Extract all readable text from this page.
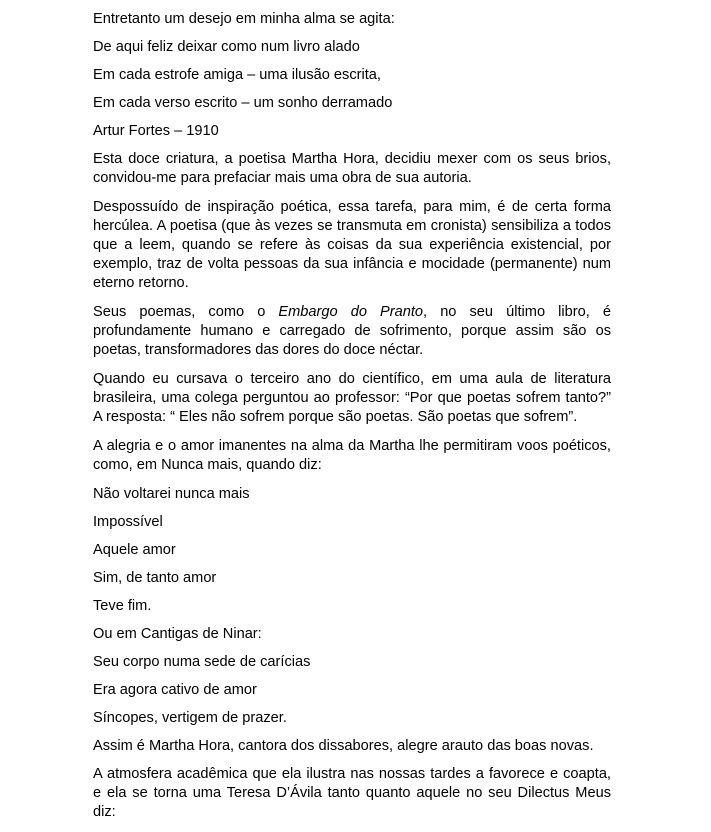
Entretanto um desejo em minha alma se agita:

De aqui feliz deixar como num livro alado

Em cada estrofe amiga – uma ilusão escrita,

Em cada verso escrito – um sonho derramado

Artur Fortes – 1910

Esta doce criatura, a poetisa Martha Hora, decidiu mexer com os seus brios, convidou-me para prefaciar mais uma obra de sua autoria.

Despossuído de inspiração poética, essa tarefa, para mim, é de certa forma hercúlea. A poetisa (que às vezes se transmuta em cronista) sensibiliza a todos que a leem, quando se refere às coisas da sua experiência existencial, por exemplo, traz de volta pessoas da sua infância e mocidade (permanente) num eterno retorno.

Seus poemas, como o Embargo do Pranto, no seu último libro, é profundamente humano e carregado de sofrimento, porque assim são os poetas, transformadores das dores do doce néctar.

Quando eu cursava o terceiro ano do científico, em uma aula de literatura brasileira, uma colega perguntou ao professor: “Por que poetas sofrem tanto?” A resposta: “ Eles não sofrem porque são poetas. São poetas que sofrem”.

A alegria e o amor imanentes na alma da Martha lhe permitiram voos poéticos, como, em Nunca mais, quando diz:

Não voltarei nunca mais

Impossível

Aquele amor

Sim, de tanto amor

Teve fim.

Ou em Cantigas de Ninar:

Seu corpo numa sede de carícias

Era agora cativo de amor

Síncopes, vertigem de prazer.

Assim é Martha Hora, cantora dos dissabores, alegre arauto das boas novas.

A atmosfera acadêmica que ela ilustra nas nossas tardes a favorece e coapta, e ela se torna uma Teresa D’Ávila tanto quanto aquele no seu Dilectus Meus diz:
